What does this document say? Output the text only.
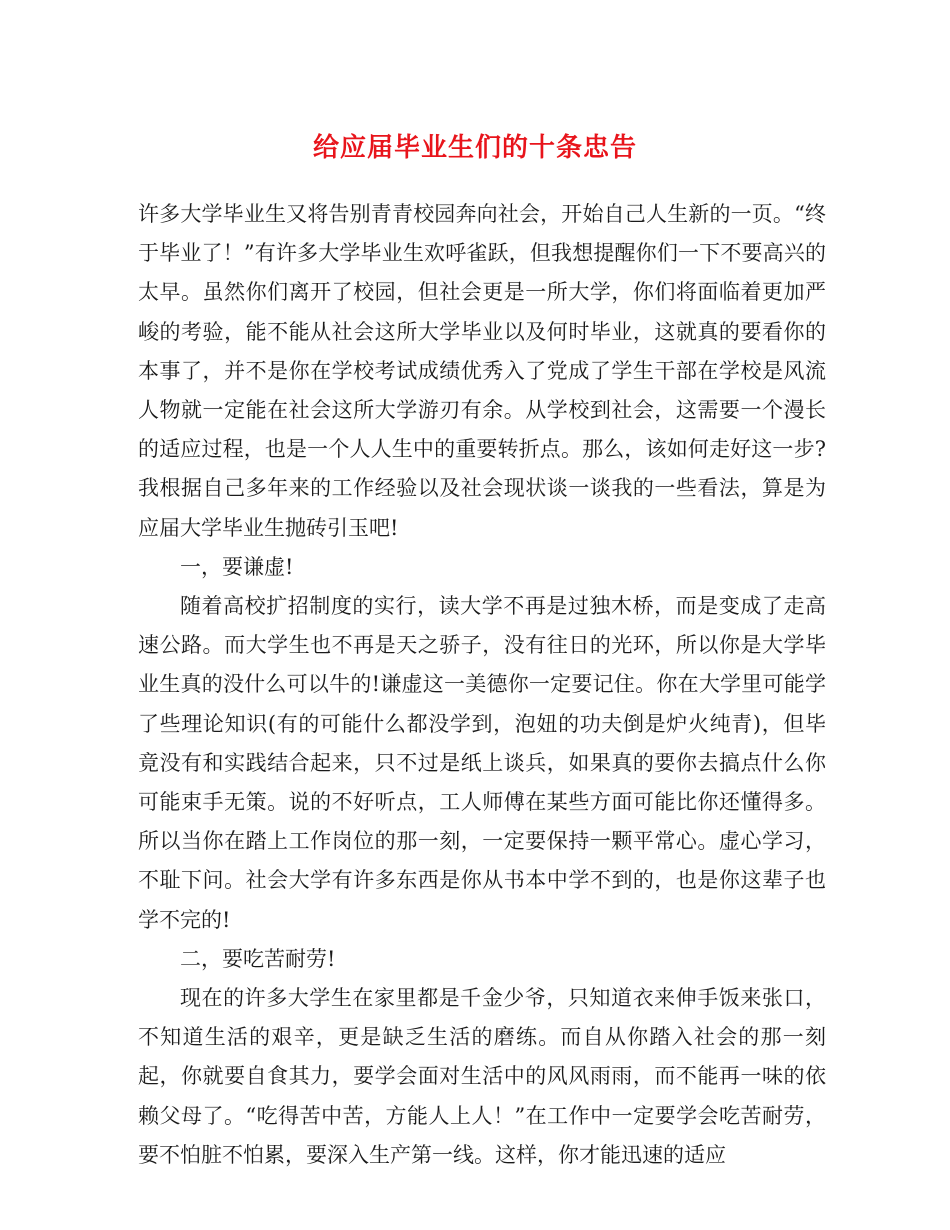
给应届毕业生们的十条忠告

许多大学毕业生又将告别青青校园奔向社会，开始自己人生新的一页。“终于毕业了！”有许多大学毕业生欢呼雀跃，但我想提醒你们一下不要高兴的太早。虽然你们离开了校园，但社会更是一所大学，你们将面临着更加严峻的考验，能不能从社会这所大学毕业以及何时毕业，这就真的要看你的本事了，并不是你在学校考试成绩优秀入了党成了学生干部在学校是风流人物就一定能在社会这所大学游刃有余。从学校到社会，这需要一个漫长的适应过程，也是一个人人生中的重要转折点。那么，该如何走好这一步?我根据自己多年来的工作经验以及社会现状谈一谈我的一些看法，算是为应届大学毕业生抛砖引玉吧!

一，要谦虚!

随着高校扩招制度的实行，读大学不再是过独木桥，而是变成了走高速公路。而大学生也不再是天之骄子，没有往日的光环，所以你是大学毕业生真的没什么可以牛的!谦虚这一美德你一定要记住。你在大学里可能学了些理论知识(有的可能什么都没学到，泡妞的功夫倒是炉火纯青)，但毕竟没有和实践结合起来，只不过是纸上谈兵，如果真的要你去搞点什么你可能束手无策。说的不好听点，工人师傅在某些方面可能比你还懂得多。所以当你在踏上工作岗位的那一刻，一定要保持一颗平常心。虚心学习，不耻下问。社会大学有许多东西是你从书本中学不到的，也是你这辈子也学不完的!

二，要吃苦耐劳!

现在的许多大学生在家里都是千金少爷，只知道衣来伸手饭来张口，不知道生活的艰辛，更是缺乏生活的磨练。而自从你踏入社会的那一刻起，你就要自食其力，要学会面对生活中的风风雨雨，而不能再一味的依赖父母了。“吃得苦中苦，方能人上人！”在工作中一定要学会吃苦耐劳，要不怕脏不怕累，要深入生产第一线。这样，你才能迅速的适应
